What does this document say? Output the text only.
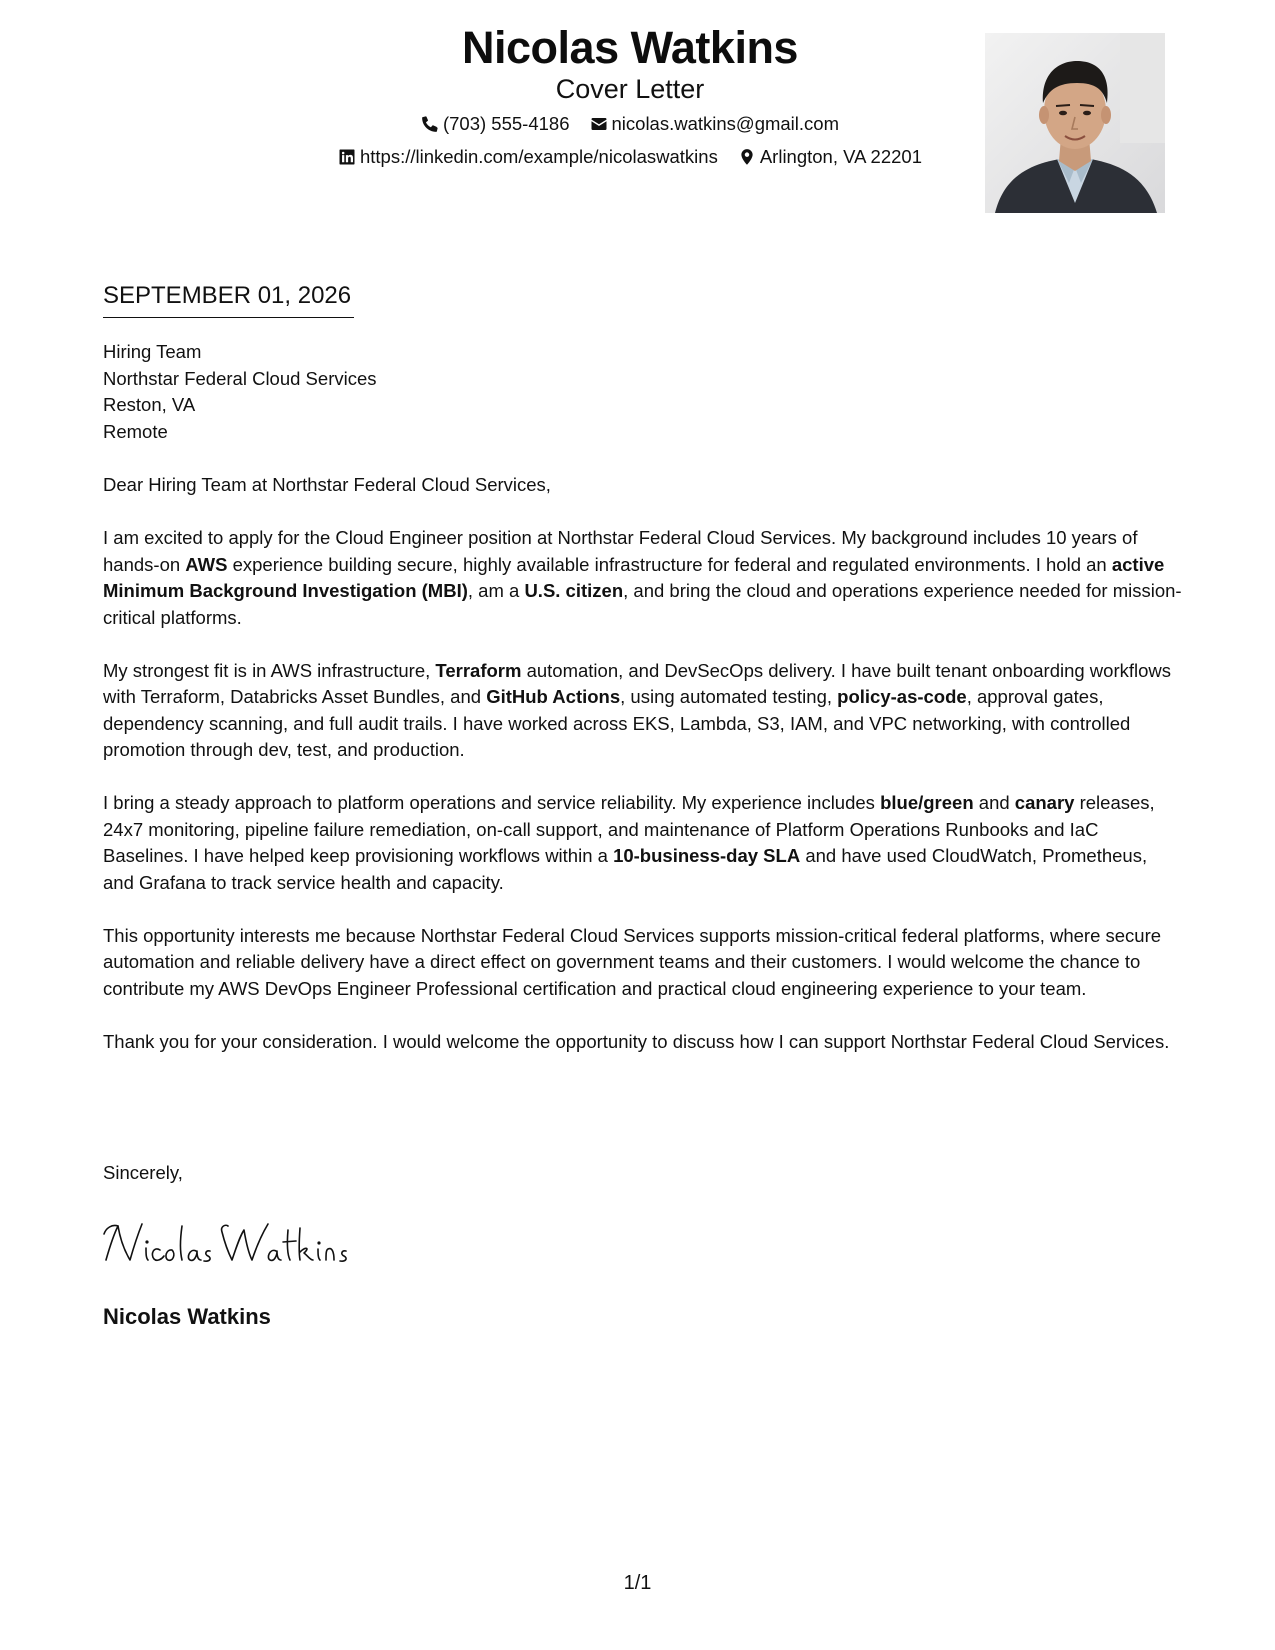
Nicolas Watkins
Cover Letter
(703) 555-4186 nicolas.watkins@gmail.com
https://linkedin.com/example/nicolaswatkins Arlington, VA 22201
SEPTEMBER 01, 2026
Hiring Team
Northstar Federal Cloud Services
Reston, VA
Remote

Dear Hiring Team at Northstar Federal Cloud Services,

I am excited to apply for the Cloud Engineer position at Northstar Federal Cloud Services. My background includes 10 years of hands-on AWS experience building secure, highly available infrastructure for federal and regulated environments. I hold an active Minimum Background Investigation (MBI), am a U.S. citizen, and bring the cloud and operations experience needed for mission-critical platforms.

My strongest fit is in AWS infrastructure, Terraform automation, and DevSecOps delivery. I have built tenant onboarding workflows with Terraform, Databricks Asset Bundles, and GitHub Actions, using automated testing, policy-as-code, approval gates, dependency scanning, and full audit trails. I have worked across EKS, Lambda, S3, IAM, and VPC networking, with controlled promotion through dev, test, and production.

I bring a steady approach to platform operations and service reliability. My experience includes blue/green and canary releases, 24x7 monitoring, pipeline failure remediation, on-call support, and maintenance of Platform Operations Runbooks and IaC Baselines. I have helped keep provisioning workflows within a 10-business-day SLA and have used CloudWatch, Prometheus, and Grafana to track service health and capacity.

This opportunity interests me because Northstar Federal Cloud Services supports mission-critical federal platforms, where secure automation and reliable delivery have a direct effect on government teams and their customers. I would welcome the chance to contribute my AWS DevOps Engineer Professional certification and practical cloud engineering experience to your team.

Thank you for your consideration. I would welcome the opportunity to discuss how I can support Northstar Federal Cloud Services.

Sincerely,
Nicolas Watkins
1/1
